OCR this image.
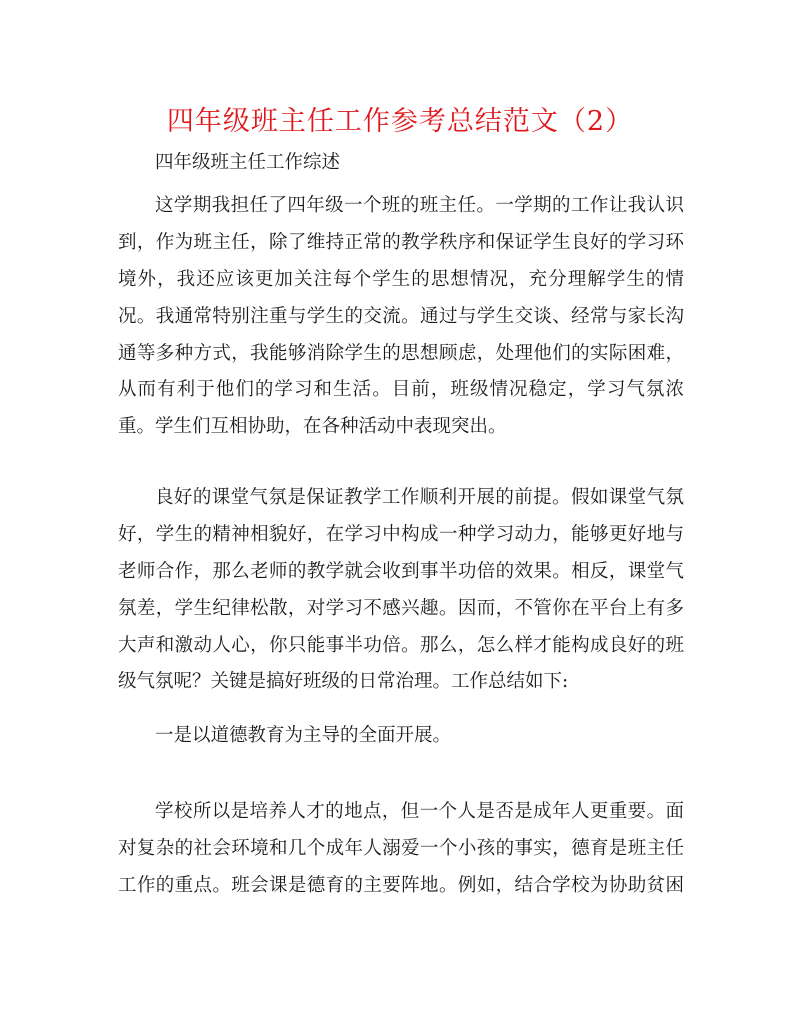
四年级班主任工作参考总结范文（2）
四年级班主任工作综述
这学期我担任了四年级一个班的班主任。一学期的工作让我认识
到，作为班主任，除了维持正常的教学秩序和保证学生良好的学习环
境外，我还应该更加关注每个学生的思想情况，充分理解学生的情
况。我通常特别注重与学生的交流。通过与学生交谈、经常与家长沟
通等多种方式，我能够消除学生的思想顾虑，处理他们的实际困难，
从而有利于他们的学习和生活。目前，班级情况稳定，学习气氛浓
重。学生们互相协助，在各种活动中表现突出。
良好的课堂气氛是保证教学工作顺利开展的前提。假如课堂气氛
好，学生的精神相貌好，在学习中构成一种学习动力，能够更好地与
老师合作，那么老师的教学就会收到事半功倍的效果。相反，课堂气
氛差，学生纪律松散，对学习不感兴趣。因而，不管你在平台上有多
大声和激动人心，你只能事半功倍。那么，怎么样才能构成良好的班
级气氛呢？关键是搞好班级的日常治理。工作总结如下:
一是以道德教育为主导的全面开展。
学校所以是培养人才的地点，但一个人是否是成年人更重要。面
对复杂的社会环境和几个成年人溺爱一个小孩的事实，德育是班主任
工作的重点。班会课是德育的主要阵地。例如，结合学校为协助贫困
